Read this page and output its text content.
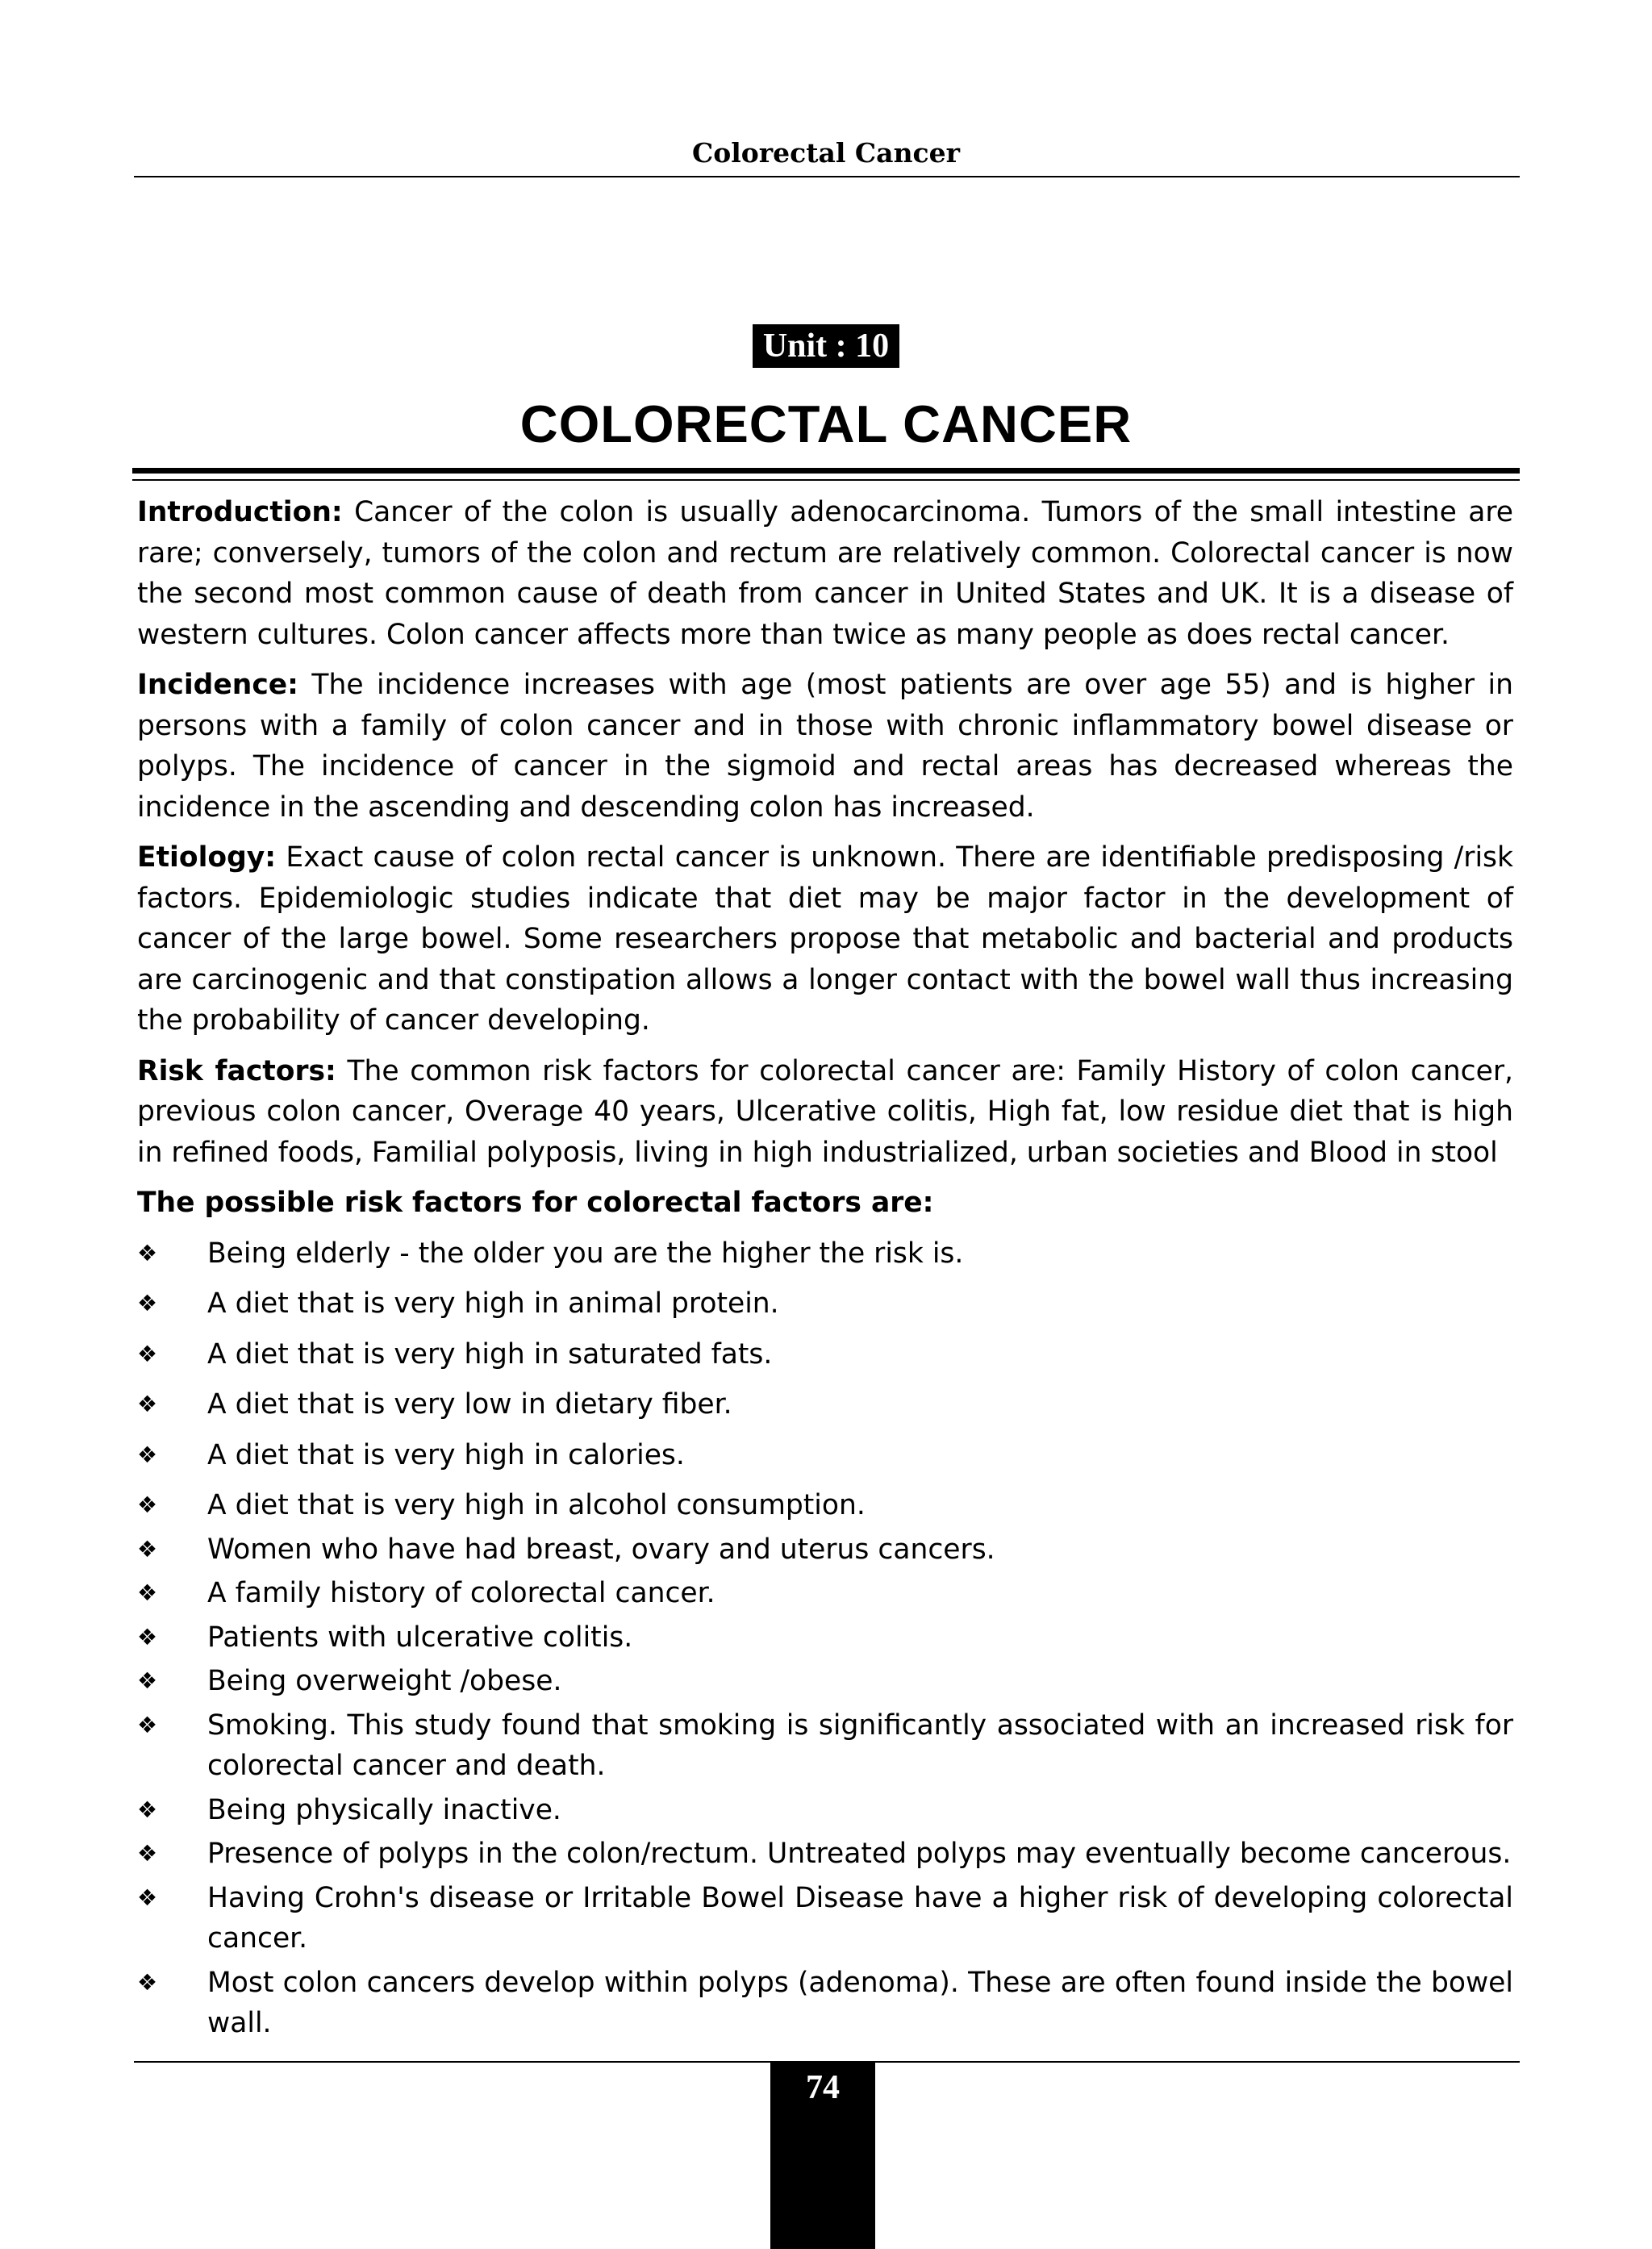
Colorectal Cancer
Unit : 10
COLORECTAL CANCER

Introduction: Cancer of the colon is usually adenocarcinoma. Tumors of the small intestine are rare; conversely, tumors of the colon and rectum are relatively common. Colorectal cancer is now the second most common cause of death from cancer in United States and UK. It is a disease of western cultures. Colon cancer affects more than twice as many people as does rectal cancer.

Incidence: The incidence increases with age (most patients are over age 55) and is higher in persons with a family of colon cancer and in those with chronic inflammatory bowel disease or polyps. The incidence of cancer in the sigmoid and rectal areas has decreased whereas the incidence in the ascending and descending colon has increased.

Etiology: Exact cause of colon rectal cancer is unknown. There are identifiable predisposing /risk factors. Epidemiologic studies indicate that diet may be major factor in the development of cancer of the large bowel. Some researchers propose that metabolic and bacterial and products are carcinogenic and that constipation allows a longer contact with the bowel wall thus increasing the probability of cancer developing.

Risk factors: The common risk factors for colorectal cancer are: Family History of colon cancer, previous colon cancer, Overage 40 years, Ulcerative colitis, High fat, low residue diet that is high in refined foods, Familial polyposis, living in high industrialized, urban societies and Blood in stool

The possible risk factors for colorectal factors are:

❖ Being elderly - the older you are the higher the risk is.
❖ A diet that is very high in animal protein.
❖ A diet that is very high in saturated fats.
❖ A diet that is very low in dietary fiber.
❖ A diet that is very high in calories.
❖ A diet that is very high in alcohol consumption.
❖ Women who have had breast, ovary and uterus cancers.
❖ A family history of colorectal cancer.
❖ Patients with ulcerative colitis.
❖ Being overweight /obese.
❖ Smoking. This study found that smoking is significantly associated with an increased risk for colorectal cancer and death.
❖ Being physically inactive.
❖ Presence of polyps in the colon/rectum. Untreated polyps may eventually become cancerous.
❖ Having Crohn's disease or Irritable Bowel Disease have a higher risk of developing colorectal cancer.
❖ Most colon cancers develop within polyps (adenoma). These are often found inside the bowel wall.
74
